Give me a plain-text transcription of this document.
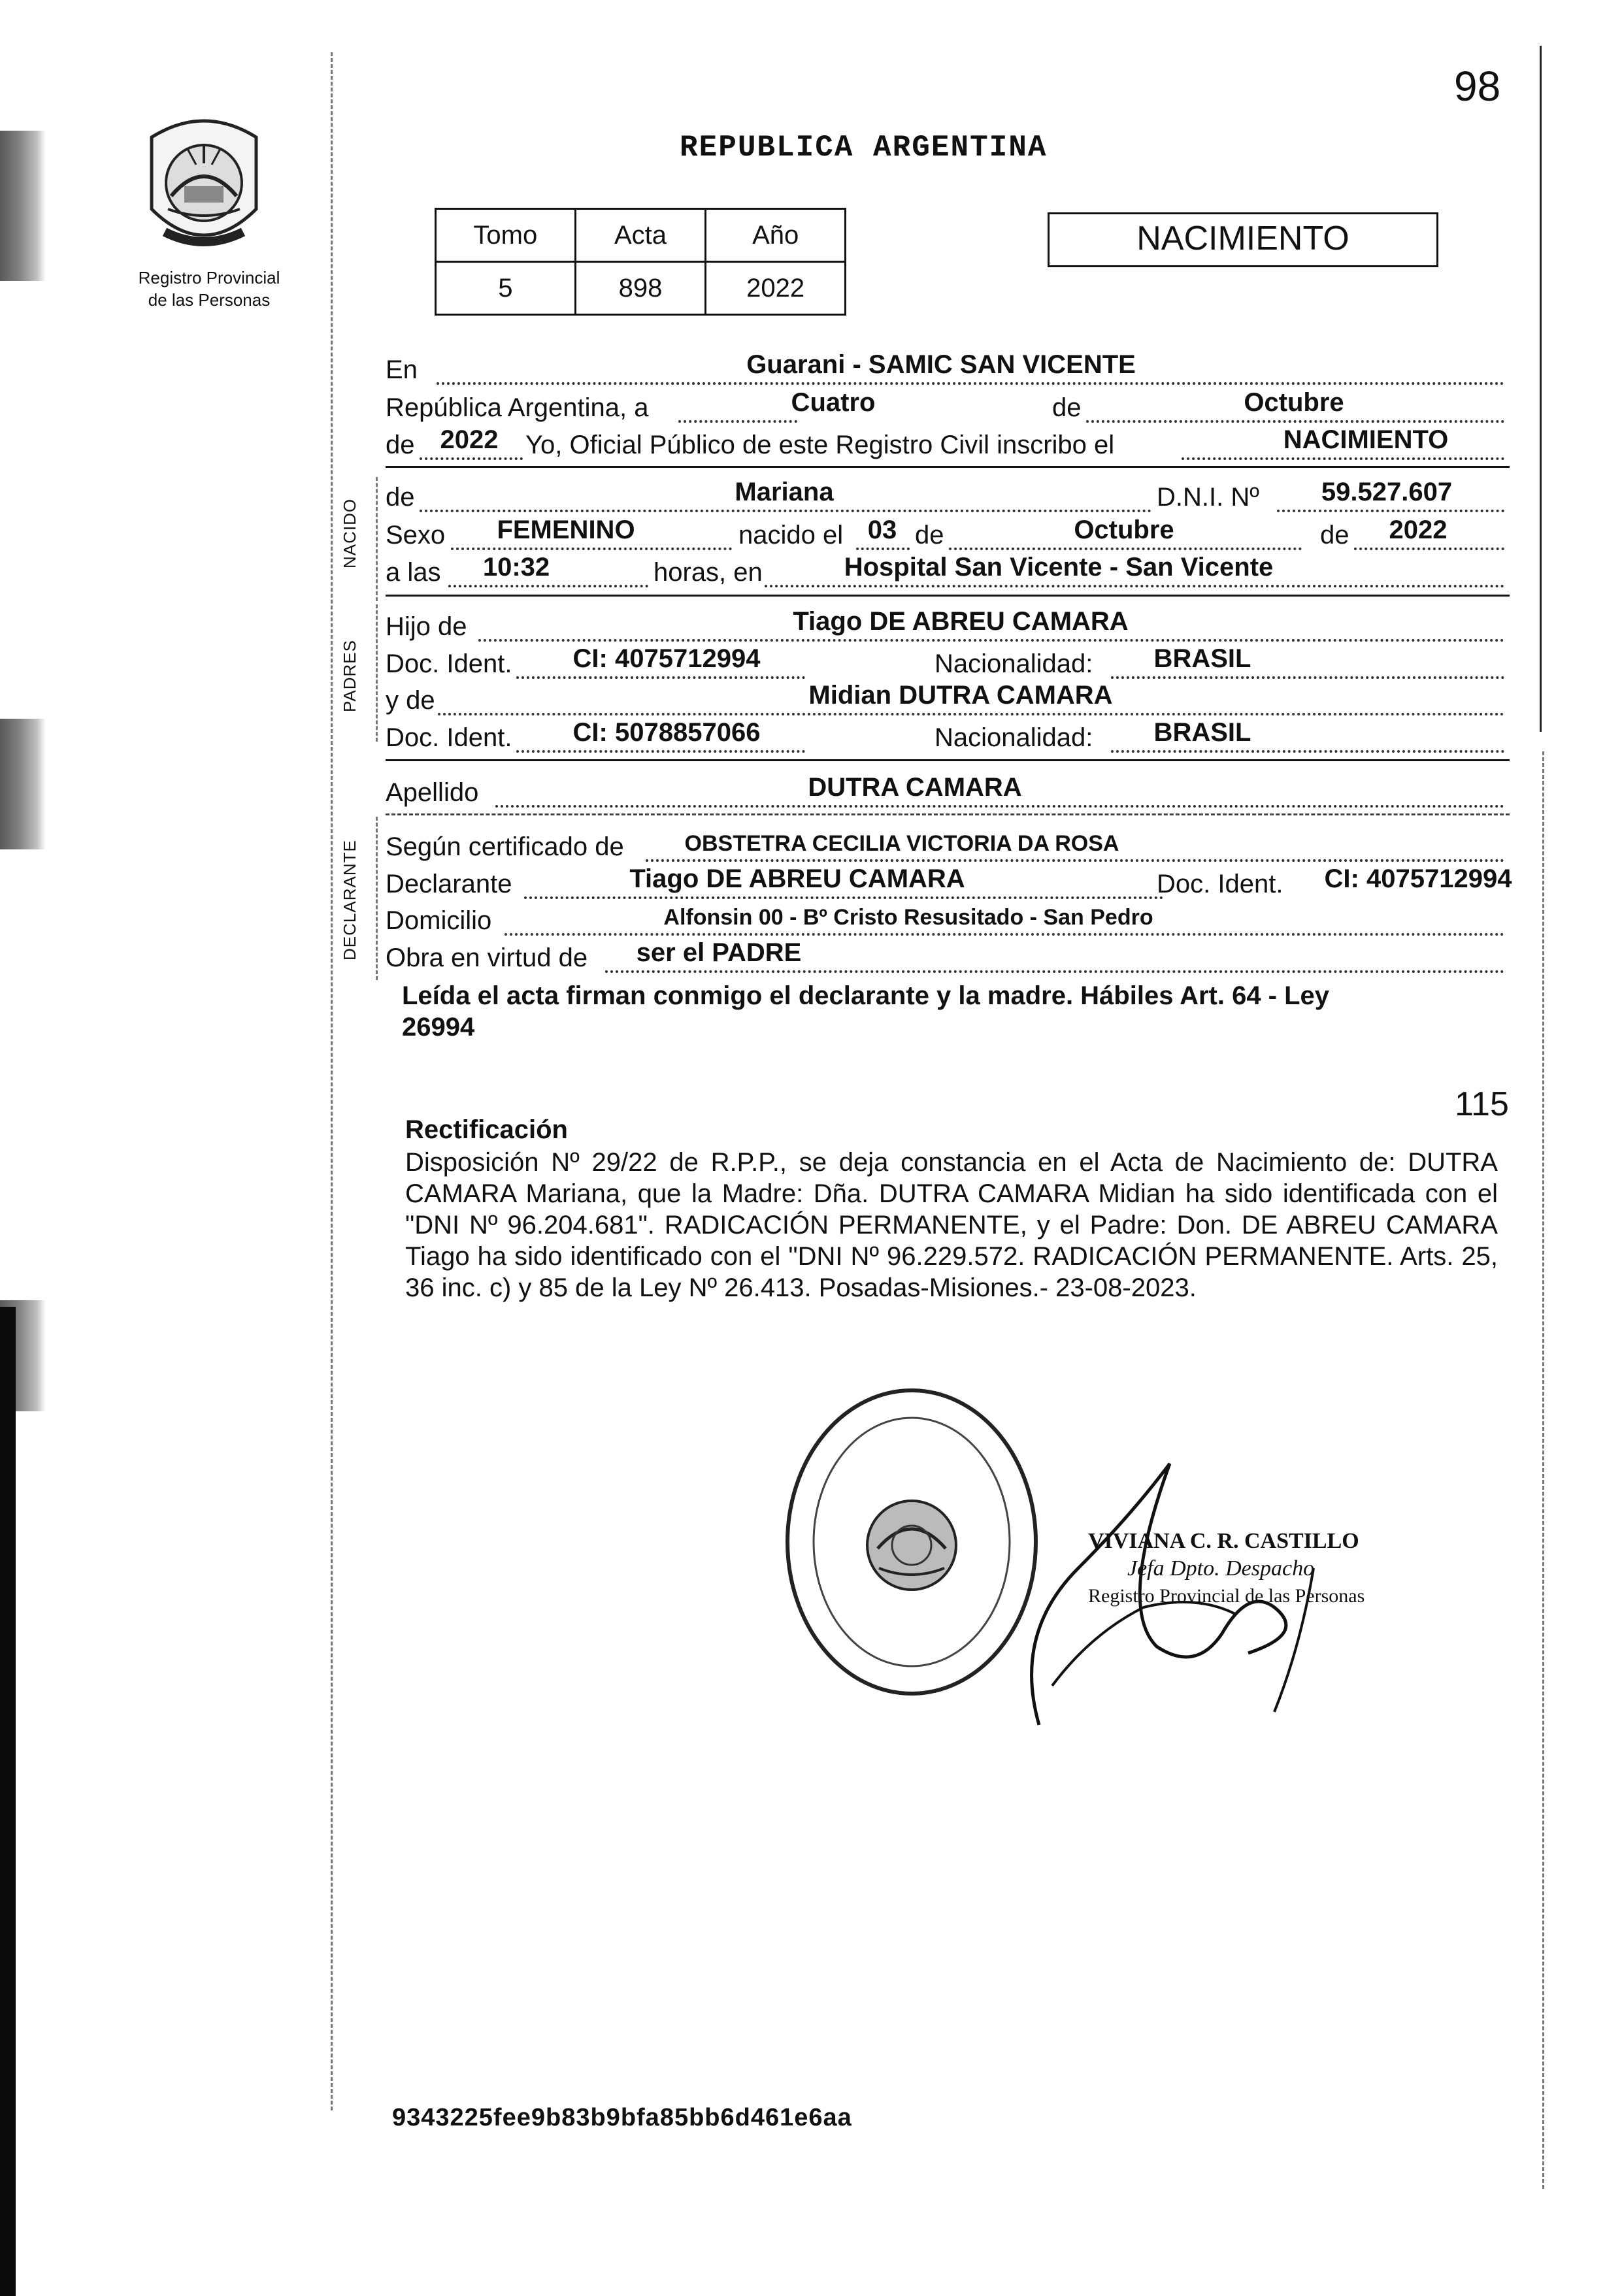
98
Registro Provincial
de las Personas
REPUBLICA ARGENTINA
Tomo	Acta	Año
5	898	2022
NACIMIENTO
NACIDO
PADRES
DECLARANTE
En	Guarani - SAMIC SAN VICENTE
República Argentina, a	Cuatro	de	Octubre
de 2022 Yo, Oficial Público de este Registro Civil inscribo el	NACIMIENTO
de	Mariana	D.N.I. Nº 59.527.607
Sexo FEMENINO	nacido el 03 de	Octubre	de 2022
a las 10:32	horas, en	Hospital San Vicente - San Vicente
Hijo de	Tiago DE ABREU CAMARA
Doc. Ident. CI: 4075712994	Nacionalidad: BRASIL
y de	Midian DUTRA CAMARA
Doc. Ident. CI: 5078857066	Nacionalidad: BRASIL
Apellido	DUTRA CAMARA
Según certificado de	OBSTETRA CECILIA VICTORIA DA ROSA
Declarante	Tiago DE ABREU CAMARA	Doc. Ident. CI: 4075712994
Domicilio	Alfonsin 00 - Bº Cristo Resusitado - San Pedro
Obra en virtud de ser el PADRE
Leída el acta firman conmigo el declarante y la madre. Hábiles Art. 64 - Ley
26994
115
Rectificación
Disposición Nº 29/22 de R.P.P., se deja constancia en el Acta de Nacimiento de: DUTRA CAMARA Mariana, que la Madre: Dña. DUTRA CAMARA Midian ha sido identificada con el "DNI Nº 96.204.681". RADICACIÓN PERMANENTE, y el Padre: Don. DE ABREU CAMARA Tiago ha sido identificado con el "DNI Nº 96.229.572. RADICACIÓN PERMANENTE. Arts. 25, 36 inc. c) y 85 de la Ley Nº 26.413. Posadas-Misiones.- 23-08-2023.
VIVIANA C. R. CASTILLO
Jefa Dpto. Despacho
Registro Provincial de las Personas
9343225fee9b83b9bfa85bb6d461e6aa
